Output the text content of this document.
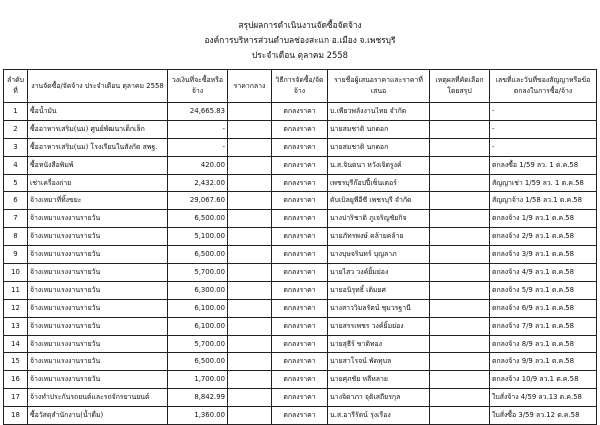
สรุปผลการดำเนินงานจัดซื้อจัดจ้าง
องค์การบริหารส่วนตำบลช่องสะแก อ.เมือง จ.เพชรบุรี
ประจำเดือน ตุลาคม 2558
ลำดับที่	งานจัดซื้อ/จัดจ้าง ประจำเดือน ตุลาคม 2558	วงเงินที่จะซื้อหรือจ้าง	ราคากลาง	วิธีการจัดซื้อ/จัดจ้าง	รายชื่อผู้เสนอราคาและราคาที่เสนอ	เหตุผลที่คัดเลือกโดยสรุป	เลขที่และวันที่ของสัญญาหรือข้อตกลงในการซื้อ/จ้าง
1	ซื้อน้ำมัน	24,665.83		ตกลงราคา	บ.เพียวพลังงานไทย จำกัด		-
2	ซื้ออาหารเสริม(นม) ศูนย์พัฒนาเด็กเล็ก	-		ตกลงราคา	นายสมชาติ นกดอก		-
3	ซื้ออาหารเสริม(นม) โรงเรียนในสังกัด สพฐ.	-		ตกลงราคา	นายสมชาติ นกดอก		-
4	ซื้อหนังสือพิมพ์	420.00		ตกลงราคา	น.ส.จินตนา หวังเจิดรูงค์		ตกลงซื้อ 1/59 ลว. 1 ต.ค.58
5	เช่าเครื่องถ่าย	2,432.00		ตกลงราคา	เพชรบุรีก๊อปปี้เซ็นเตอร์		สัญญาเช่า 1/59 ลว. 1 ต.ค.58
6	จ้างเหมาที่ทิ้งขยะ	29,067.60		ตกลงราคา	ดับเบิลยูพีอีซี เพชรบุรี จำกัด		สัญญาจ้าง 1/58 ลว.1 ต.ค.58
7	จ้างเหมาแรงงานรายวัน	6,500.00		ตกลงราคา	นางปาริชาติ ภูเจริญชัยกิจ		ตกลงจ้าง 1/9 ลว.1 ต.ค.58
8	จ้างเหมาแรงงานรายวัน	5,100.00		ตกลงราคา	นายภัทรพงษ์ คล้ายคล้าย		ตกลงจ้าง 2/9 ลว.1 ต.ค.58
9	จ้างเหมาแรงงานรายวัน	6,500.00		ตกลงราคา	นางบุษจรินทร์ บุญลาภ		ตกลงจ้าง 3/9 ลว.1 ต.ค.58
10	จ้างเหมาแรงงานรายวัน	5,700.00		ตกลงราคา	นายไสว วงค์ยิ้มย่อง		ตกลงจ้าง 4/9 ลว.1 ต.ค.58
11	จ้างเหมาแรงงานรายวัน	6,300.00		ตกลงราคา	นายอนิรุทธิ์ เติมยศ		ตกลงจ้าง 5/9 ลว.1 ต.ค.58
12	จ้างเหมาแรงงานรายวัน	6,100.00		ตกลงราคา	นางสาววิมลรัตน์ ชุมวรฐานี		ตกลงจ้าง 6/9 ลว.1 ต.ค.58
13	จ้างเหมาแรงงานรายวัน	6,100.00		ตกลงราคา	นายสรรเพชร วงค์ยิ้มย่อง		ตกลงจ้าง 7/9 ลว.1 ต.ค.58
14	จ้างเหมาแรงงานรายวัน	5,700.00		ตกลงราคา	นายสุธีร์ ขาติทอง		ตกลงจ้าง 8/9 ลว.1 ต.ค.58
15	จ้างเหมาแรงงานรายวัน	6,500.00		ตกลงราคา	นายสาโรจน์ พัดทุบล		ตกลงจ้าง 9/9 ลว.1 ต.ค.58
16	จ้างเหมาแรงงานรายวัน	1,700.00		ตกลงราคา	นายศุภชัย หลีหลาย		ตกลงจ้าง 10/9 ลว.1 ต.ค.58
17	จ้างทำประกันรถยนต์และรถจักรยานยนต์	8,842.99		ตกลงราคา	นางจิดาภา จุติเสถียรกุล		ใบสั่งจ้าง 4/59 ลว.13 ต.ค.58
18	ซื้อวัสดุสำนักงาน(น้ำดื่ม)	1,360.00		ตกลงราคา	น.ส.อารีรัตน์ รุ่งเรือง		ใบสั่งซื้อ 3/59 ลว.12 ต.ค.58
